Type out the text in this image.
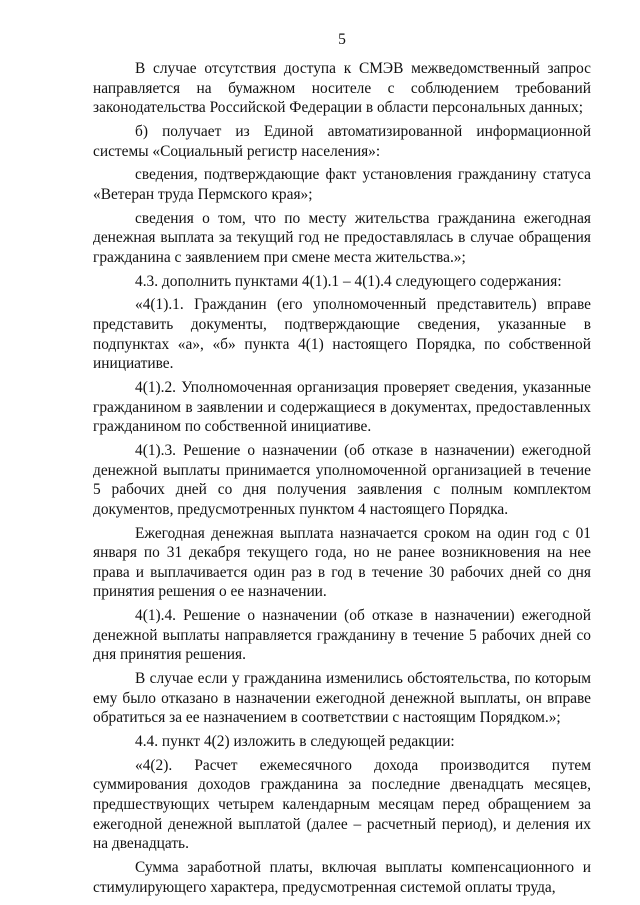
5

В случае отсутствия доступа к СМЭВ межведомственный запрос направляется на бумажном носителе с соблюдением требований законодательства Российской Федерации в области персональных данных;

б) получает из Единой автоматизированной информационной системы «Социальный регистр населения»:

сведения, подтверждающие факт установления гражданину статуса «Ветеран труда Пермского края»;

сведения о том, что по месту жительства гражданина ежегодная денежная выплата за текущий год не предоставлялась в случае обращения гражданина с заявлением при смене места жительства.»;

4.3. дополнить пунктами 4(1).1 – 4(1).4 следующего содержания:

«4(1).1. Гражданин (его уполномоченный представитель) вправе представить документы, подтверждающие сведения, указанные в подпунктах «а», «б» пункта 4(1) настоящего Порядка, по собственной инициативе.

4(1).2. Уполномоченная организация проверяет сведения, указанные гражданином в заявлении и содержащиеся в документах, предоставленных гражданином по собственной инициативе.

4(1).3. Решение о назначении (об отказе в назначении) ежегодной денежной выплаты принимается уполномоченной организацией в течение 5 рабочих дней со дня получения заявления с полным комплектом документов, предусмотренных пунктом 4 настоящего Порядка.

Ежегодная денежная выплата назначается сроком на один год с 01 января по 31 декабря текущего года, но не ранее возникновения на нее права и выплачивается один раз в год в течение 30 рабочих дней со дня принятия решения о ее назначении.

4(1).4. Решение о назначении (об отказе в назначении) ежегодной денежной выплаты направляется гражданину в течение 5 рабочих дней со дня принятия решения.

В случае если у гражданина изменились обстоятельства, по которым ему было отказано в назначении ежегодной денежной выплаты, он вправе обратиться за ее назначением в соответствии с настоящим Порядком.»;

4.4. пункт 4(2) изложить в следующей редакции:

«4(2). Расчет ежемесячного дохода производится путем суммирования доходов гражданина за последние двенадцать месяцев, предшествующих четырем календарным месяцам перед обращением за ежегодной денежной выплатой (далее – расчетный период), и деления их на двенадцать.

Сумма заработной платы, включая выплаты компенсационного и стимулирующего характера, предусмотренная системой оплаты труда,
